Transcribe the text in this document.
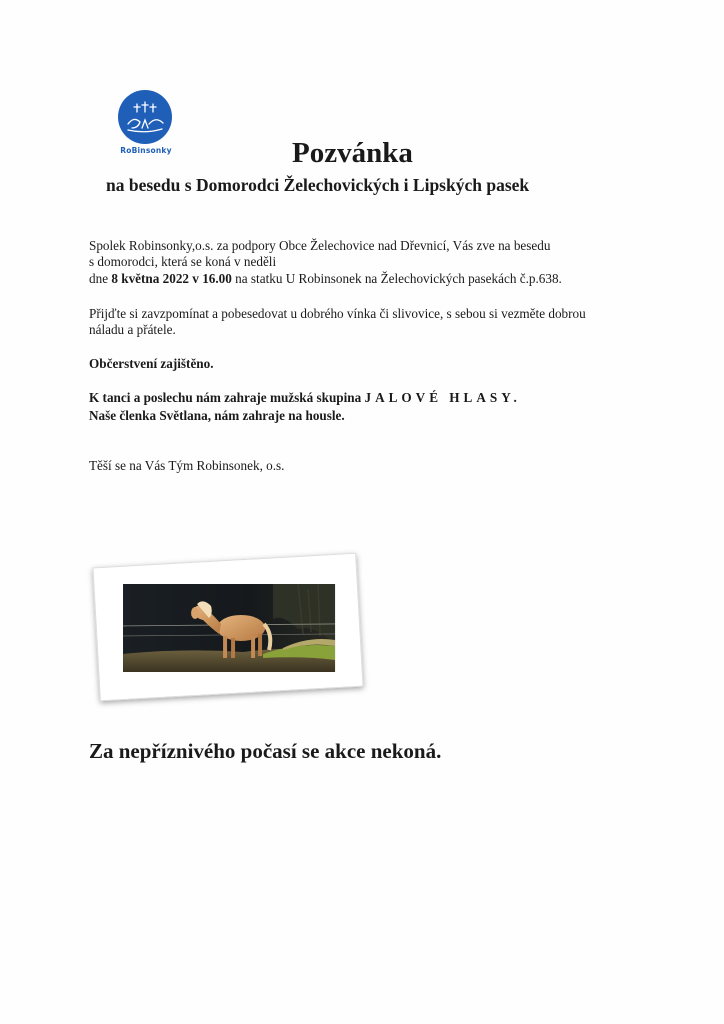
RoBinsonky	Pozvánka
na besedu s Domorodci Želechovických i Lipských pasek

Spolek Robinsonky,o.s. za podpory Obce Želechovice nad Dřevnicí, Vás zve na besedu

s domorodci, která se koná v neděli

dne 8 května 2022 v 16.00 na statku U Robinsonek na Želechovických pasekách č.p.638.

Přijďte si zavzpomínat a pobesedovat u dobrého vínka či slivovice, s sebou si vezměte dobrou

náladu a přátele.

Občerstvení zajištěno.

K tanci a poslechu nám zahraje mužská skupina JALOVÉ HLASY.

Naše členka Světlana, nám zahraje na housle.

Těší se na Vás Tým Robinsonek, o.s.

Za nepříznivého počasí se akce nekoná.
